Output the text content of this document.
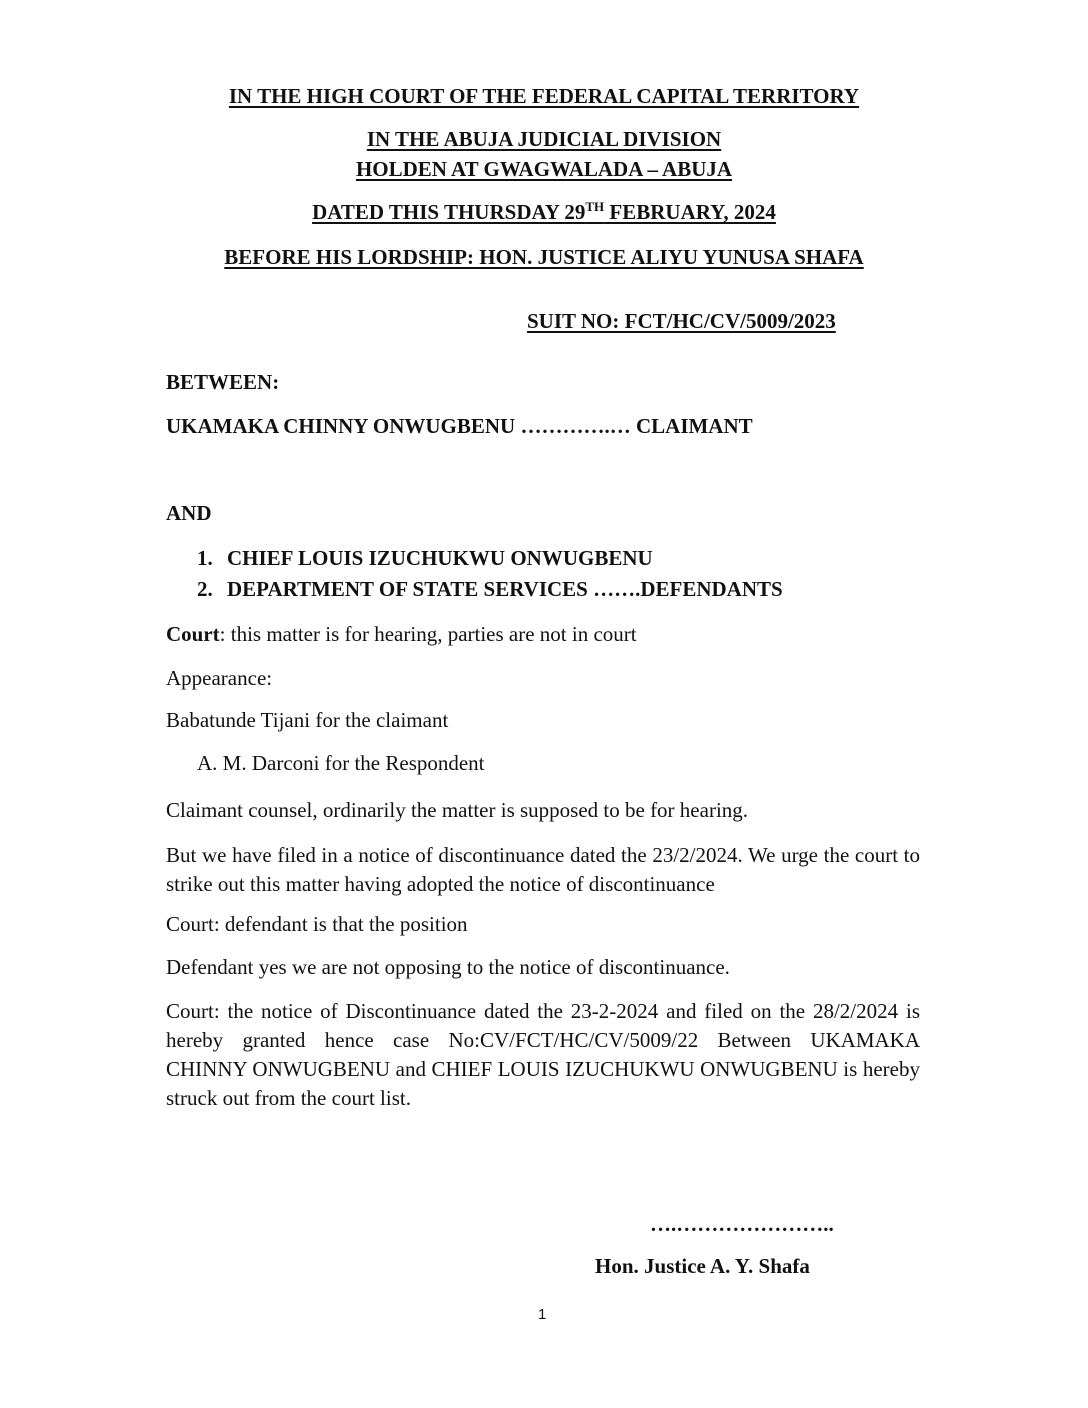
IN THE HIGH COURT OF THE FEDERAL CAPITAL TERRITORY
IN THE ABUJA JUDICIAL DIVISION
HOLDEN AT GWAGWALADA – ABUJA
DATED THIS THURSDAY 29TH FEBRUARY, 2024
BEFORE HIS LORDSHIP: HON. JUSTICE ALIYU YUNUSA SHAFA
SUIT NO: FCT/HC/CV/5009/2023
BETWEEN:
UKAMAKA CHINNY ONWUGBENU ………….… CLAIMANT
AND
1. CHIEF LOUIS IZUCHUKWU ONWUGBENU
2. DEPARTMENT OF STATE SERVICES …….DEFENDANTS
Court: this matter is for hearing, parties are not in court
Appearance:
Babatunde Tijani for the claimant
A. M. Darconi for the Respondent
Claimant counsel, ordinarily the matter is supposed to be for hearing.
But we have filed in a notice of discontinuance dated the 23/2/2024. We urge the court to strike out this matter having adopted the notice of discontinuance
Court: defendant is that the position
Defendant yes we are not opposing to the notice of discontinuance.
Court: the notice of Discontinuance dated the 23-2-2024 and filed on the 28/2/2024 is hereby granted hence case No:CV/FCT/HC/CV/5009/22 Between UKAMAKA CHINNY ONWUGBENU and CHIEF LOUIS IZUCHUKWU ONWUGBENU is hereby struck out from the court list.
….…………………..
Hon. Justice A. Y. Shafa
1
